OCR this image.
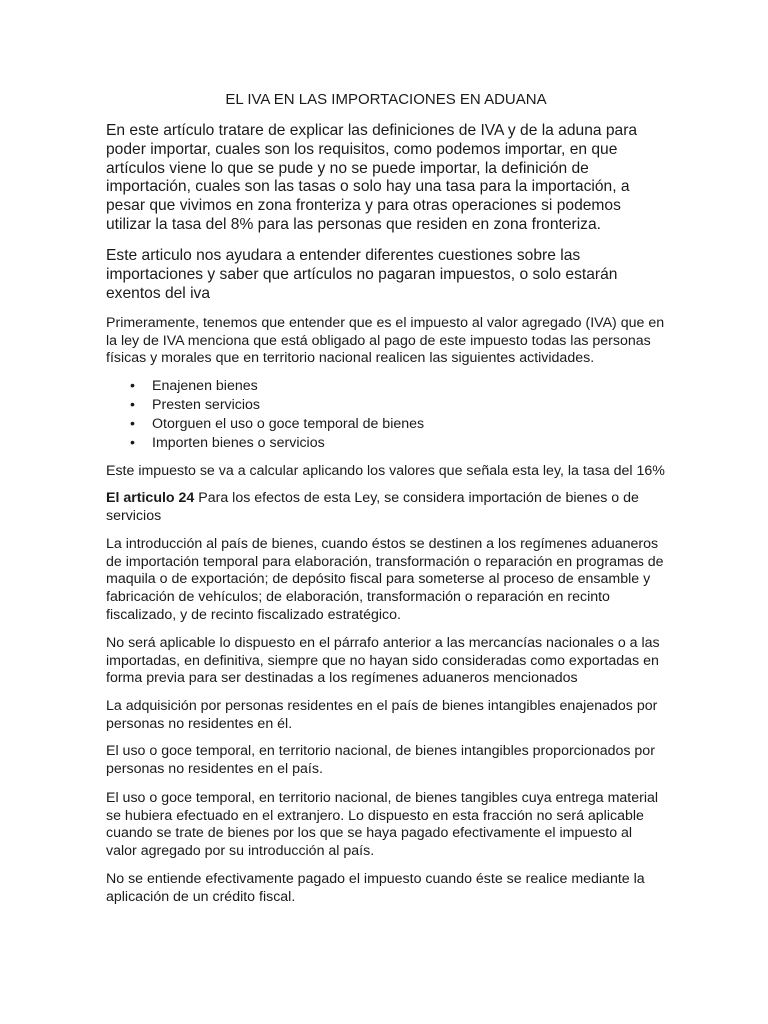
EL IVA EN LAS IMPORTACIONES EN ADUANA

En este artículo tratare de explicar las definiciones de IVA y de la aduna para poder importar, cuales son los requisitos, como podemos importar, en que artículos viene lo que se pude y no se puede importar, la definición de importación, cuales son las tasas o solo hay una tasa para la importación, a pesar que vivimos en zona fronteriza y para otras operaciones si podemos utilizar la tasa del 8% para las personas que residen en zona fronteriza.

Este articulo nos ayudara a entender diferentes cuestiones sobre las importaciones y saber que artículos no pagaran impuestos, o solo estarán exentos del iva

Primeramente, tenemos que entender que es el impuesto al valor agregado (IVA) que en la ley de IVA menciona que está obligado al pago de este impuesto todas las personas físicas y morales que en territorio nacional realicen las siguientes actividades.

• Enajenen bienes
• Presten servicios
• Otorguen el uso o goce temporal de bienes
• Importen bienes o servicios

Este impuesto se va a calcular aplicando los valores que señala esta ley, la tasa del 16%

El articulo 24 Para los efectos de esta Ley, se considera importación de bienes o de servicios

La introducción al país de bienes, cuando éstos se destinen a los regímenes aduaneros de importación temporal para elaboración, transformación o reparación en programas de maquila o de exportación; de depósito fiscal para someterse al proceso de ensamble y fabricación de vehículos; de elaboración, transformación o reparación en recinto fiscalizado, y de recinto fiscalizado estratégico.

No será aplicable lo dispuesto en el párrafo anterior a las mercancías nacionales o a las importadas, en definitiva, siempre que no hayan sido consideradas como exportadas en forma previa para ser destinadas a los regímenes aduaneros mencionados

La adquisición por personas residentes en el país de bienes intangibles enajenados por personas no residentes en él.

El uso o goce temporal, en territorio nacional, de bienes intangibles proporcionados por personas no residentes en el país.

El uso o goce temporal, en territorio nacional, de bienes tangibles cuya entrega material se hubiera efectuado en el extranjero. Lo dispuesto en esta fracción no será aplicable cuando se trate de bienes por los que se haya pagado efectivamente el impuesto al valor agregado por su introducción al país.

No se entiende efectivamente pagado el impuesto cuando éste se realice mediante la aplicación de un crédito fiscal.
